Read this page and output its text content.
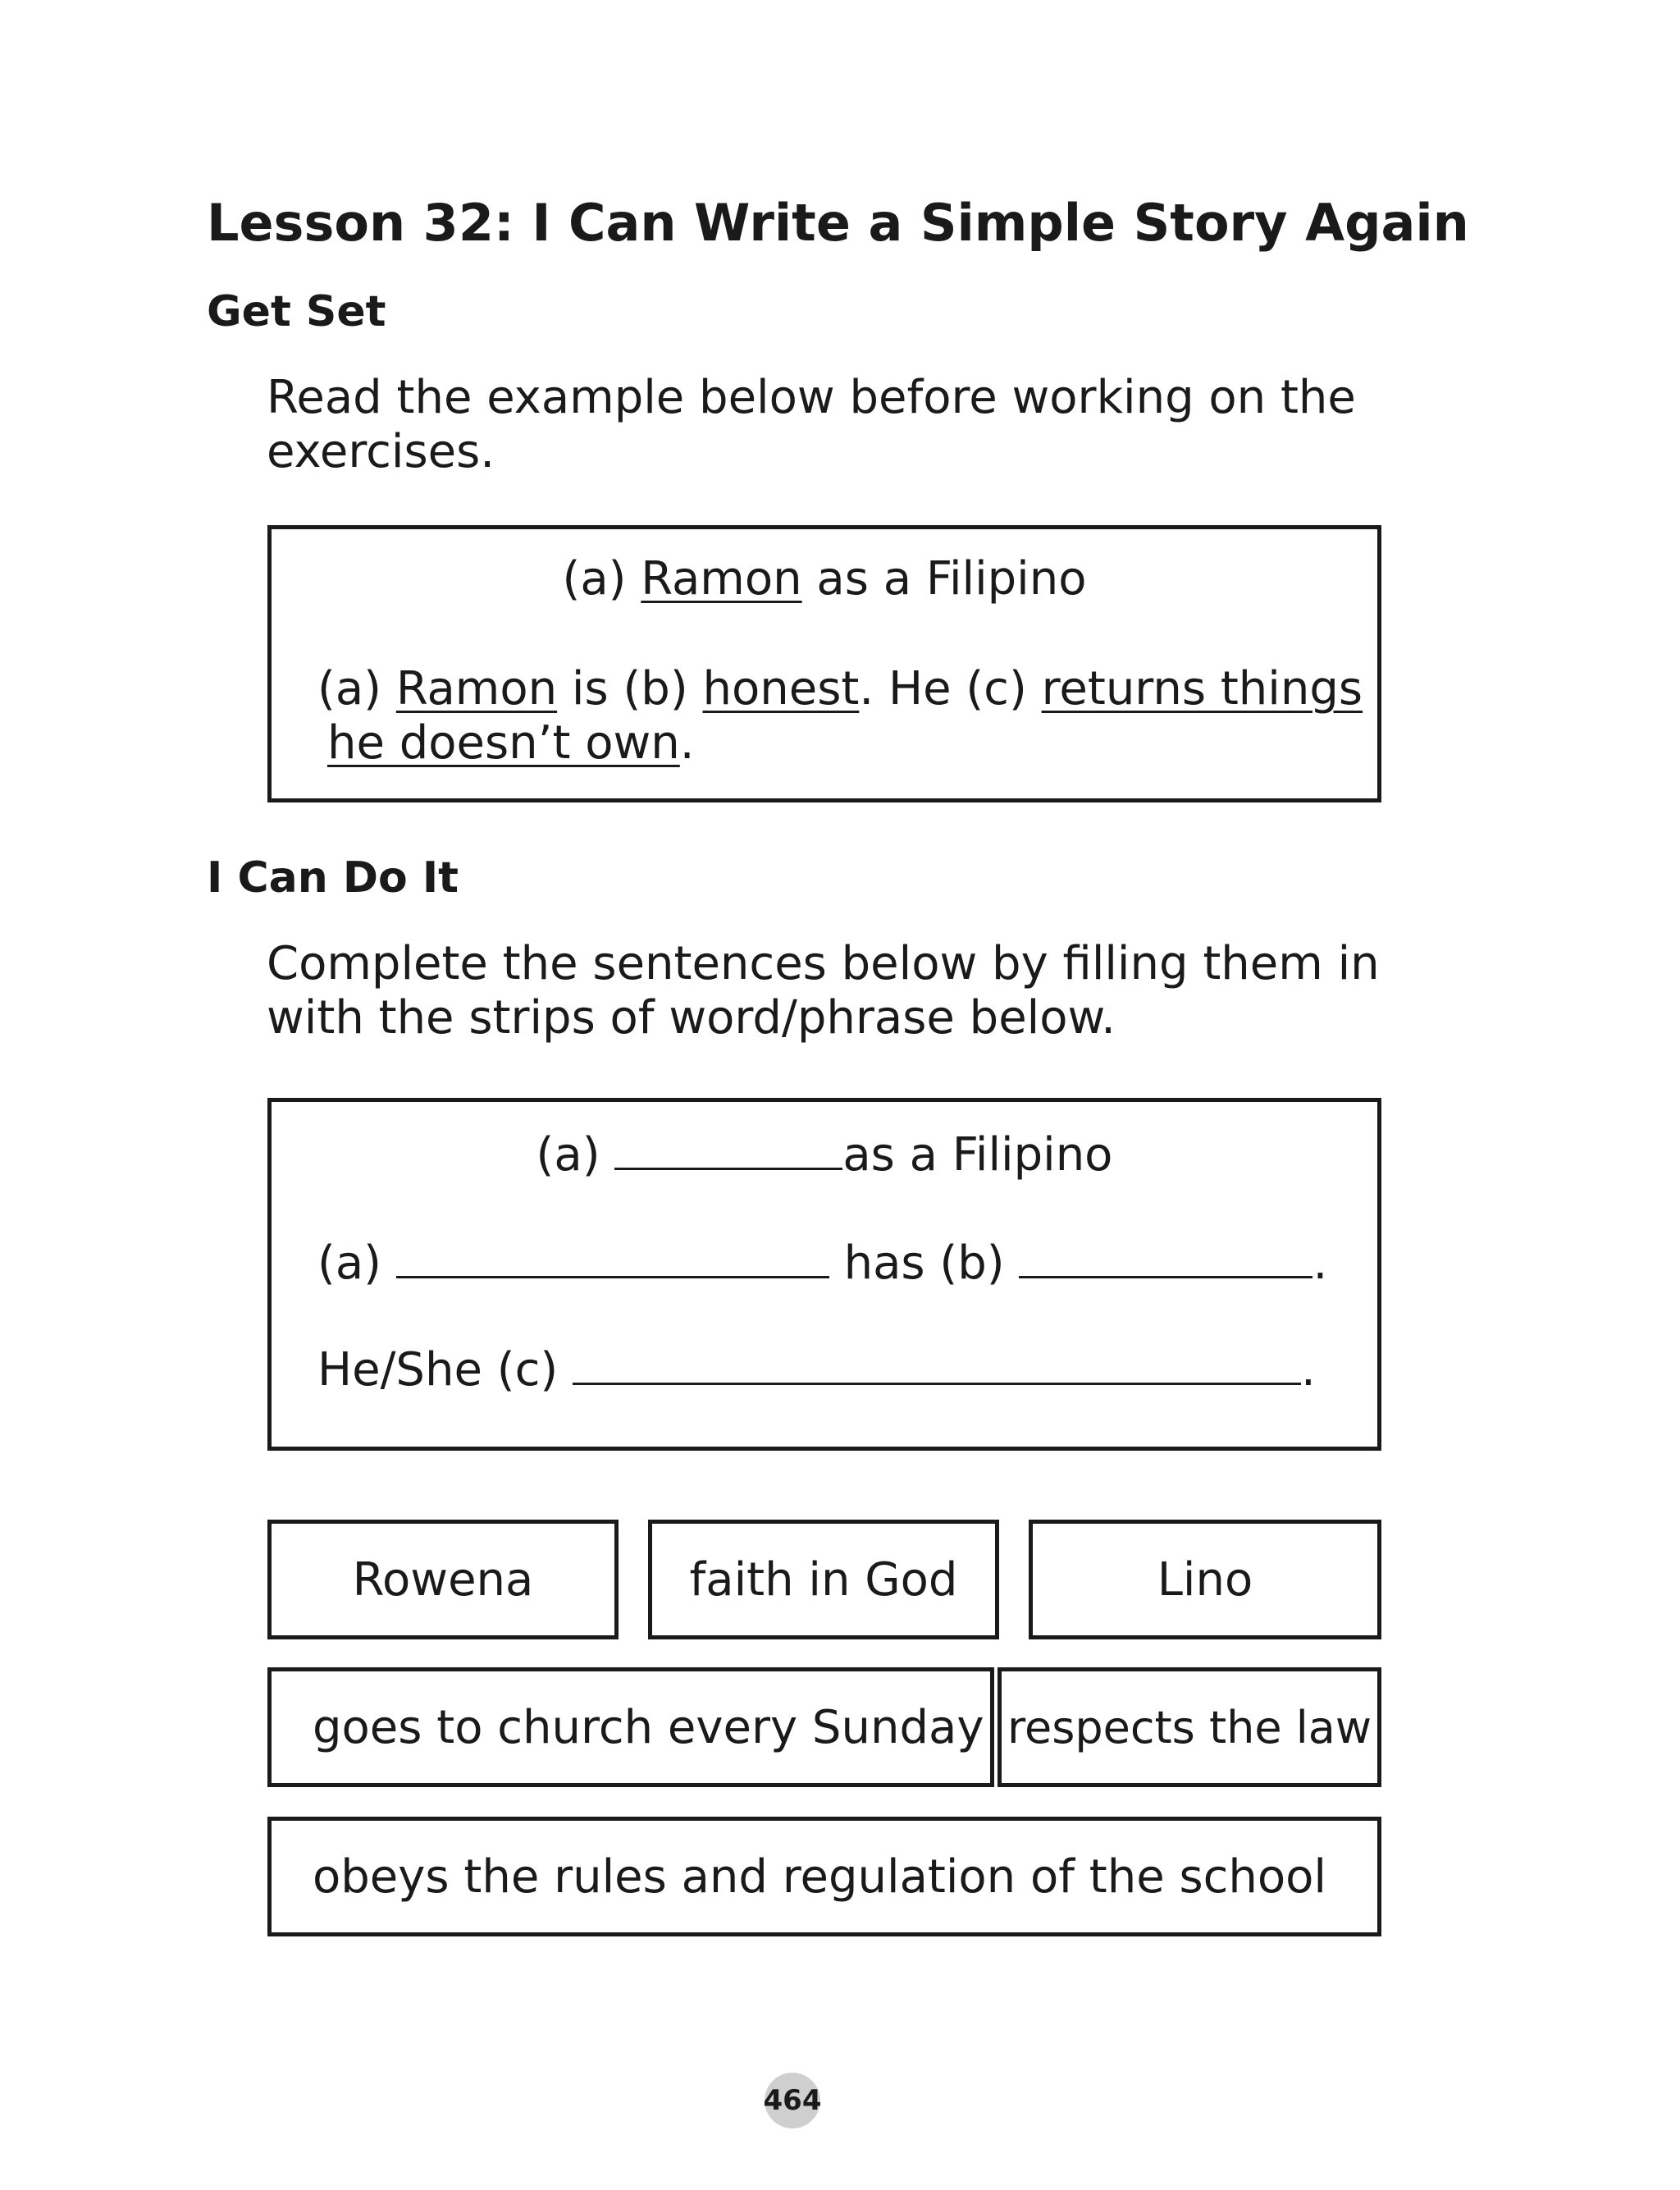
Lesson 32: I Can Write a Simple Story Again
Get Set
Read the example below before working on the
exercises.
(a) Ramon as a Filipino
(a) Ramon is (b) honest. He (c) returns things
he doesn’t own.
I Can Do It
Complete the sentences below by filling them in
with the strips of word/phrase below.
(a)	as a Filipino
(a)	has (b)	.
He/She (c)	.
Rowena	faith in God	Lino
goes to church every Sunday respects the law
obeys the rules and regulation of the school
464
